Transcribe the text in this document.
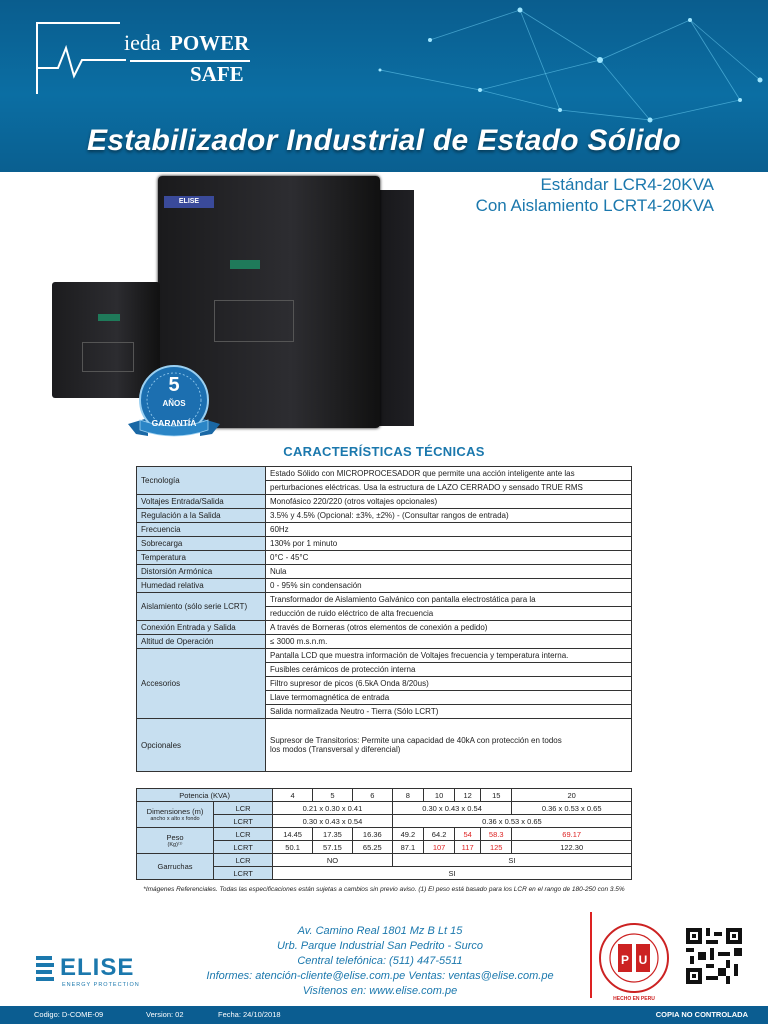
ieda POWER
SAFE
Estabilizador Industrial de Estado Sólido
Estándar LCR4-20KVA
Con Aislamiento LCRT4-20KVA
ELISE
5
AÑOS
GARANTÍA
CARACTERÍSTICAS TÉCNICAS
Tecnología	Estado Sólido con MICROPROCESADOR que permite una acción inteligente ante las
	perturbaciones eléctricas. Usa la estructura de LAZO CERRADO y sensado TRUE RMS
Voltajes Entrada/Salida	Monofásico 220/220 (otros voltajes opcionales)
Regulación a la Salida	3.5% y 4.5% (Opcional: ±3%, ±2%) - (Consultar rangos de entrada)
Frecuencia	60Hz
Sobrecarga	130% por 1 minuto
Temperatura	0°C - 45°C
Distorsión Armónica	Nula
Humedad relativa	0 - 95% sin condensación
Aislamiento (sólo serie LCRT)	Transformador de Aislamiento Galvánico con pantalla electrostática para la
	reducción de ruido eléctrico de alta frecuencia
Conexión Entrada y Salida	A través de Borneras (otros elementos de conexión a pedido)
Altitud de Operación	≤ 3000 m.s.n.m.
Accesorios	Pantalla LCD que muestra información de Voltajes frecuencia y temperatura interna.
	Fusibles cerámicos de protección interna
	Filtro supresor de picos (6.5kA Onda 8/20us)
	Llave termomagnética de entrada
	Salida normalizada Neutro - Tierra (Sólo LCRT)
Opcionales	Supresor de Transitorios: Permite una capacidad de 40kA con protección en todos
los modos (Transversal y diferencial)
Potencia (KVA)		4	5	6	8	10	12	15	20

Dimensiones (m)
ancho x alto x fondo	LCR	0.21 x 0.30 x 0.41			0.30 x 0.43 x 0.54				0.36 x 0.53 x 0.65
	LCRT	0.30 x 0.43 x 0.54			0.36 x 0.53 x 0.65				

Peso
(Kg)⁽¹⁾	LCR	14.45	17.35	16.36	49.2	64.2	54	58.3	69.17
	LCRT	50.1	57.15	65.25	87.1	107	117	125	122.30
Garruchas	LCR	NO			SI				
	LCRT	SI							
*Imágenes Referenciales. Todas las especificaciones están sujetas a cambios sin previo aviso. (1) El peso está basado para los LCR en el rango de 180-250 con 3.5%
Av. Camino Real 1801 Mz B Lt 15
Urb. Parque Industrial San Pedrito - Surco
Central telefónica: (511) 447-5511
Informes: atención-cliente@elise.com.pe Ventas: ventas@elise.com.pe
Visítenos en: www.elise.com.pe
ELISE
ENERGY PROTECTION
P U
HECHO EN PERU
Codigo: D-COME-09	Version: 02	Fecha: 24/10/2018	COPIA NO CONTROLADA
